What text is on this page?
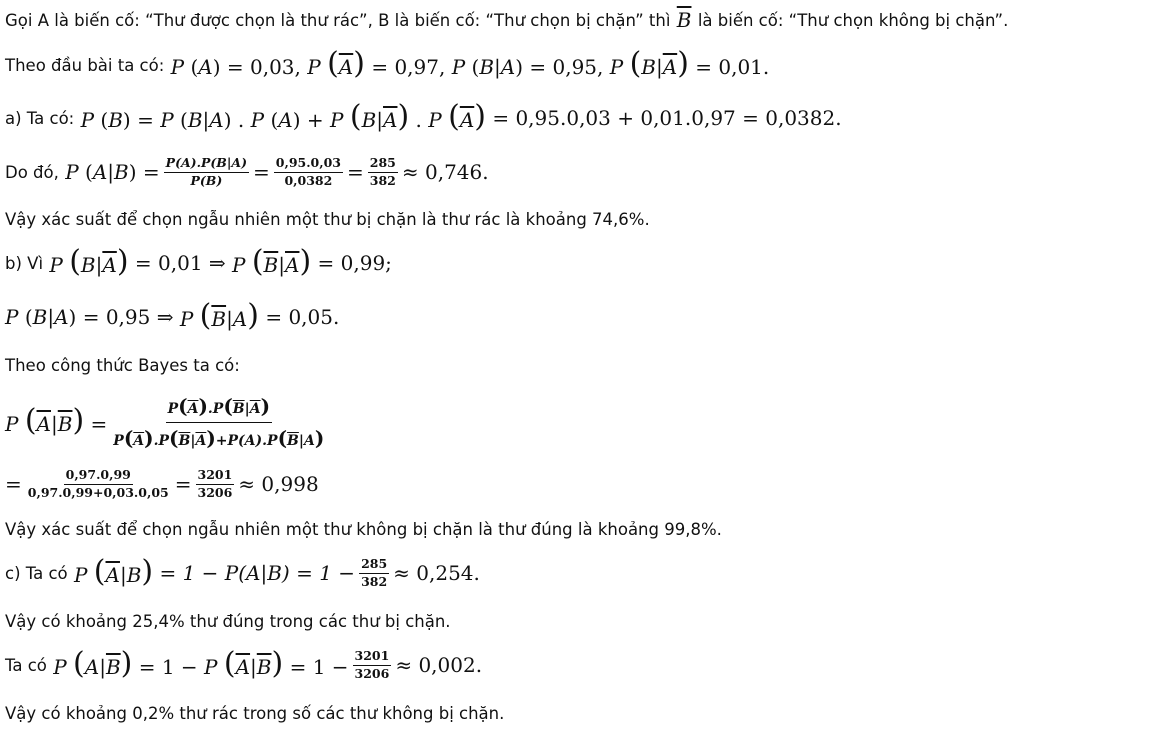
Gọi A là biến cố: “Thư được chọn là thư rác”, B là biến cố: “Thư chọn bị chặn” thì $\overline{B}$ là biến cố: “Thư chọn không bị chặn”.
Theo đầu bài ta có: P (A) = 0,03, P $(\overline{A}) = 0,97$, P (B|A) = 0,95, P $(B|\overline{A}) = 0,01$.
a) Ta có: P (B) = P (B|A) . P (A) + P $(B|\overline{A})$ . P $(\overline{A}) = 0,95.0,03 + 0,01.0,97 = 0,0382$.
Do đó, P $(A|B) = \frac{P(A).P(B|A)}{P(B)} = \frac{0,95.0,03}{0,0382} = \frac{285}{382} \approx 0,746$.
Vậy xác suất để chọn ngẫu nhiên một thư bị chặn là thư rác là khoảng 74,6%.
b) Vì P $(B|\overline{A}) = 0,01$ ⇒ P $(\overline{B}|\overline{A}) = 0,99$;
P (B|A) = 0,95 ⇒ P $(\overline{B}|A) = 0,05$.
Theo công thức Bayes ta có:
P $(\overline{A}|\overline{B}) = \frac{P(\overline{A}).P(\overline{B}|\overline{A})}{P(\overline{A}).P(\overline{B}|\overline{A})+P(A).P(\overline{B}|A)}$
= $\frac{0,97.0,99}{0,97.0,99+0,03.0,05} = \frac{3201}{3206} \approx 0,998$
Vậy xác suất để chọn ngẫu nhiên một thư không bị chặn là thư đúng là khoảng 99,8%.
c) Ta có P $(\overline{A}|B) = 1 - P(A|B) = 1 - \frac{285}{382} \approx 0,254$.
Vậy có khoảng 25,4% thư đúng trong các thư bị chặn.
Ta có P $(A|\overline{B}) = 1 - P$ $(\overline{A}|\overline{B}) = 1 - \frac{3201}{3206} \approx 0,002$.
Vậy có khoảng 0,2% thư rác trong số các thư không bị chặn.
